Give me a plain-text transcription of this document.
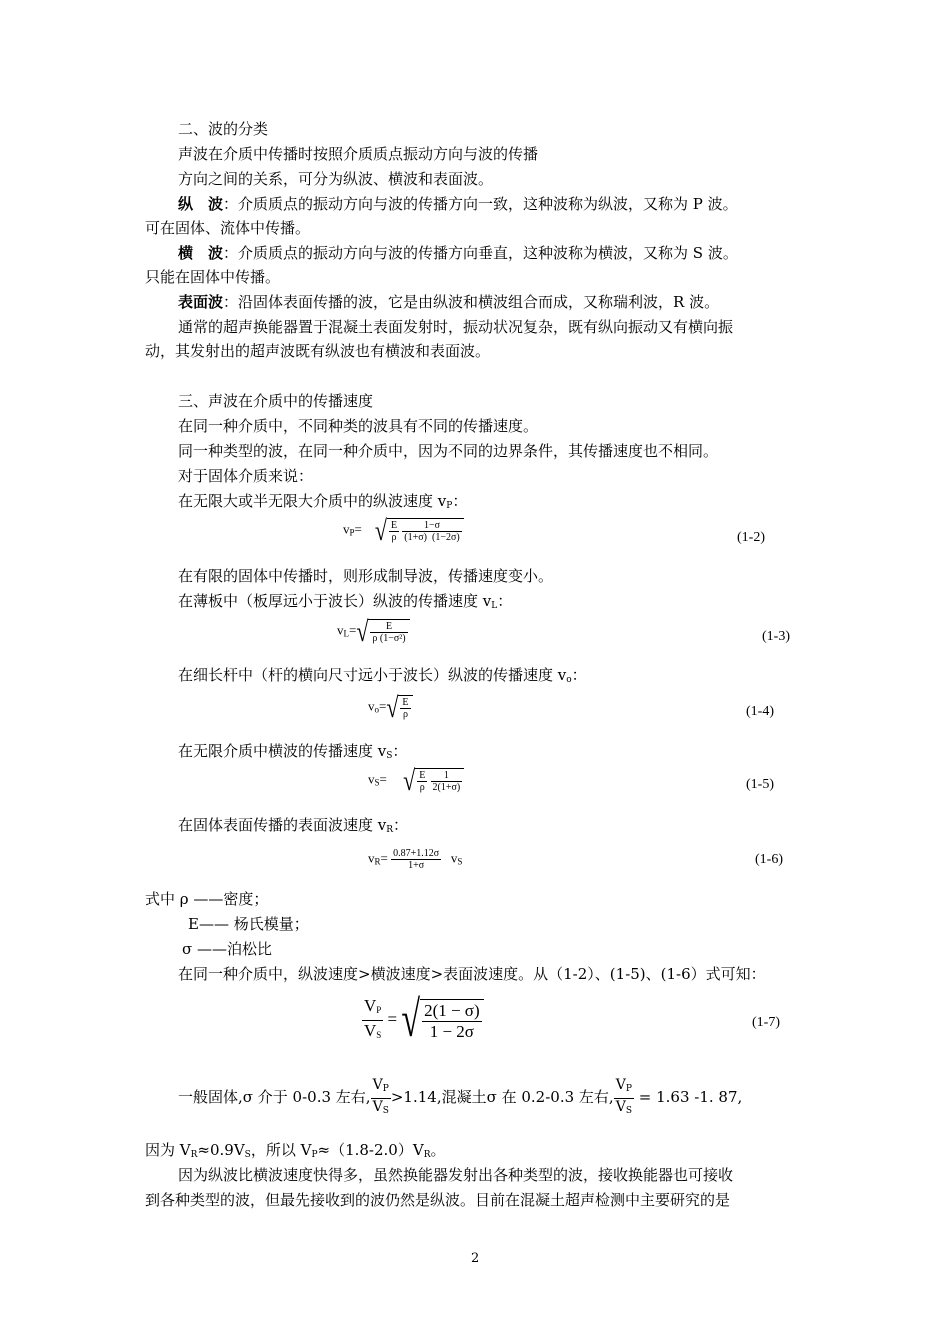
二、波的分类
声波在介质中传播时按照介质质点振动方向与波的传播
方向之间的关系，可分为纵波、横波和表面波。
纵　波：介质质点的振动方向与波的传播方向一致，这种波称为纵波，又称为 P 波。
可在固体、流体中传播。
横　波：介质质点的振动方向与波的传播方向垂直，这种波称为横波，又称为 S 波。
只能在固体中传播。
表面波：沿固体表面传播的波，它是由纵波和横波组合而成，又称瑞利波，R 波。
通常的超声换能器置于混凝土表面发射时，振动状况复杂，既有纵向振动又有横向振
动，其发射出的超声波既有纵波也有横波和表面波。
三、声波在介质中的传播速度
在同一种介质中，不同种类的波具有不同的传播速度。
同一种类型的波，在同一种介质中，因为不同的边界条件，其传播速度也不相同。
对于固体介质来说：
在无限大或半无限大介质中的纵波速度 $v_P$：
$v_P=$    √ $\frac{E}{\rho}$
$\frac{1-\sigma}{(1+\sigma) (1-2\sigma)}$	(1-2)
在有限的固体中传播时，则形成制导波，传播速度变小。
在薄板中（板厚远小于波长）纵波的传播速度 $v_L$：
$v_L=√ \frac{E}{\text{ρ (1−σ²)}}$	(1-3)
在细长杆中（杆的横向尺寸远小于波长）纵波的传播速度 $v_o$：
$v_o=√ \frac{E}{\rho}$	(1-4)
在无限介质中横波的传播速度 $v_S$：
$v_S=$     √ $\frac{E}{\rho}$
$\frac{1}{2(1+\sigma)}$	(1-5)
在固体表面传播的表面波速度 $v_R$：
$v_R= \frac{0.87+1.12\sigma}{1+\sigma} v_S$	(1-6)
式中 ρ ——密度；
E—— 杨氏模量；
σ ——泊松比
在同一种介质中，纵波速度>横波速度>表面波速度。从（1-2）、(1-5)、(1-6）式可知：
$\frac{V_P}{V_S}$ = √ $\frac{2(1 - \sigma)}{1 - 2\sigma}$	(1-7)
一般固体,σ 介于 0-0.3 左右, $\frac{V_P}{V_S} >1.14$,混凝土σ 在 0.2-0.3 左右, $\frac{V_P}{V_S} = 1.63$ -1. 87,
因为 $V_R\approx 0.9V_S$，所以 $V_P\approx(1.8-2.0)V_R$。
因为纵波比横波速度快得多，虽然换能器发射出各种类型的波，接收换能器也可接收
到各种类型的波，但最先接收到的波仍然是纵波。目前在混凝土超声检测中主要研究的是
2
